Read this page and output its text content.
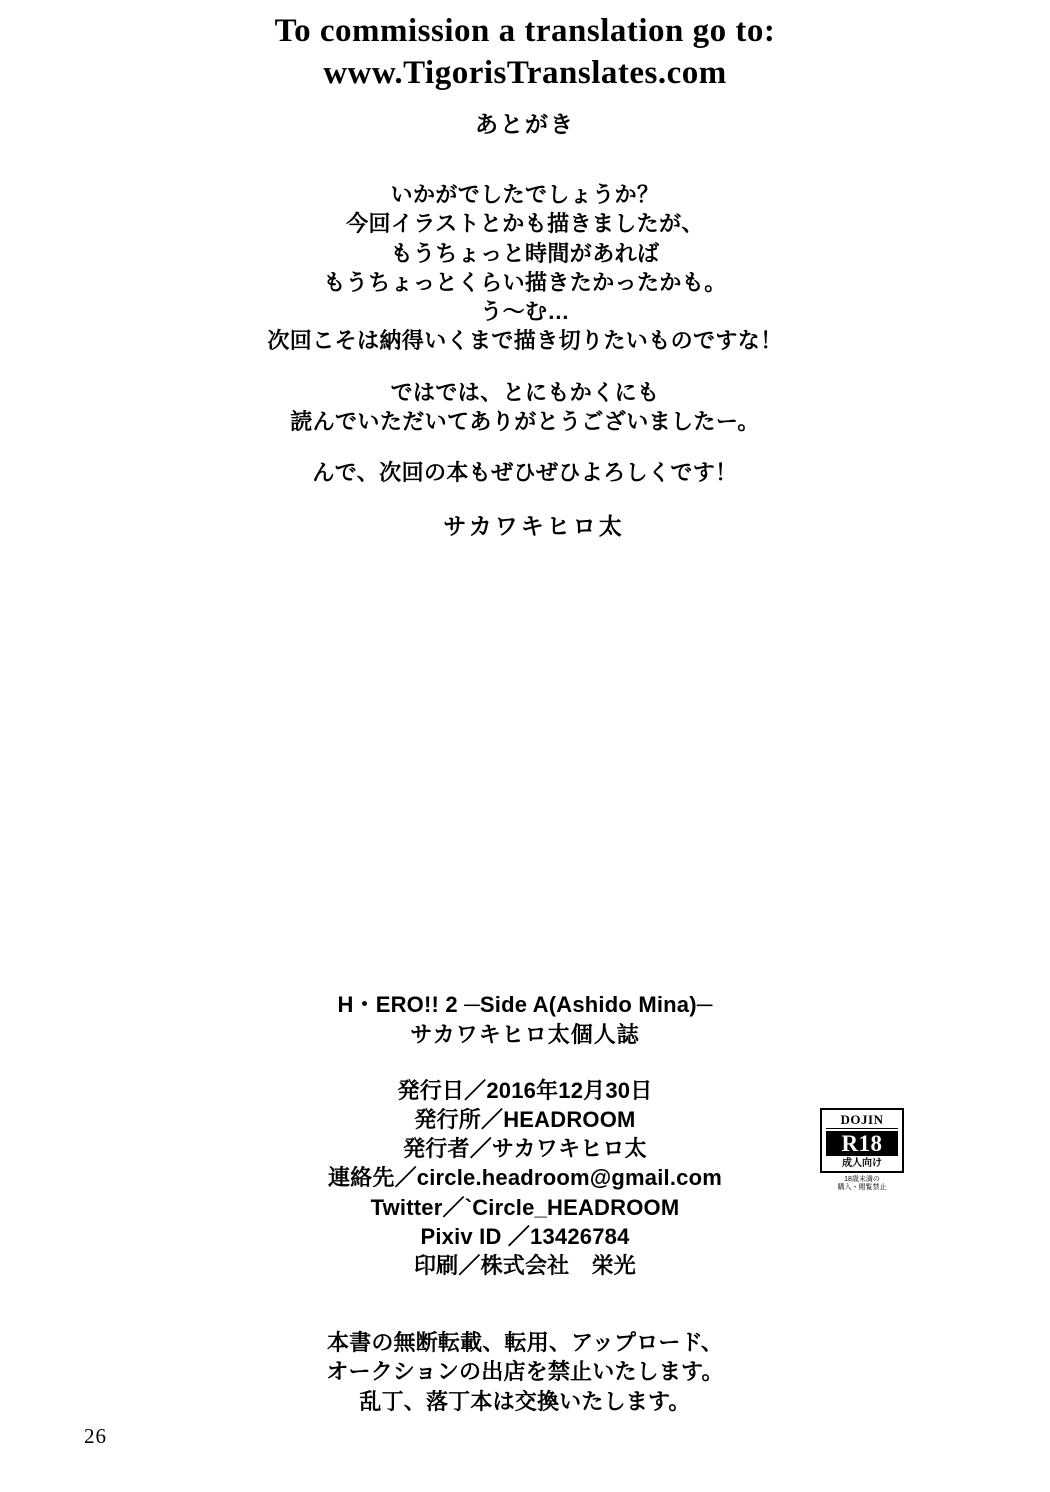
To commission a translation go to:
www.TigorisTranslates.com
あとがき

いかがでしたでしょうか？

今回イラストとかも描きましたが、

もうちょっと時間があれば

もうちょっとくらい描きたかったかも。

う～む…

次回こそは納得いくまで描き切りたいものですな！

ではでは、とにもかくにも

読んでいただいてありがとうございましたー。

んで、次回の本もぜひぜひよろしくです！

サカワキヒロ太
H・ERO!! 2 ─Side A(Ashido Mina)─
サカワキヒロ太個人誌

発行日／2016年12月30日

発行所／HEADROOM

発行者／サカワキヒロ太

連絡先／circle.headroom@gmail.com

Twitter／`Circle_HEADROOM

Pixiv ID ／13426784

印刷／株式会社　栄光

本書の無断転載、転用、アップロード、

オークションの出店を禁止いたします。

乱丁、落丁本は交換いたします。

DOJIN
R18
成人向け

18歳未満の

購入・閲覧禁止

26
